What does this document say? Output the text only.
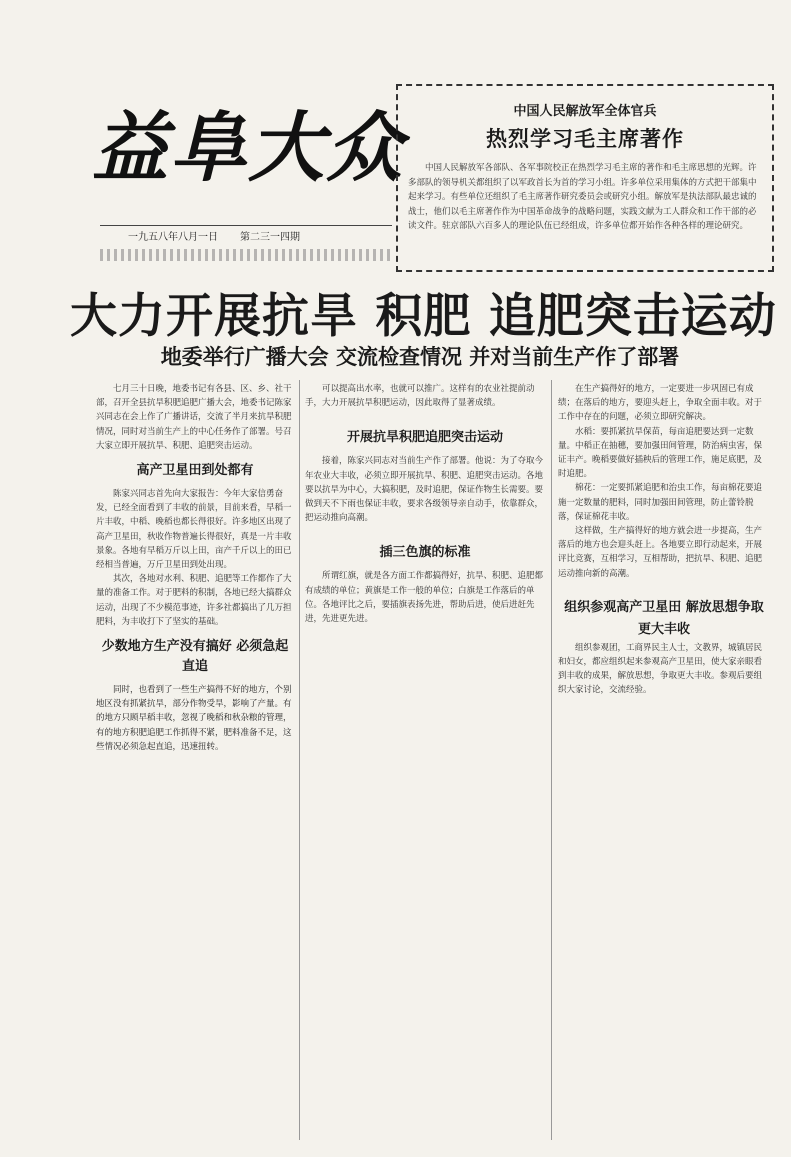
益阜大众
一九五八年八月一日 第二三一四期
中国人民解放军全体官兵
热烈学习毛主席著作
中国人民解放军各部队、各军事院校正在热烈学习毛主席的著作和毛主席思想的光辉。许多部队的领导机关都组织了以军政首长为首的学习小组。许多单位采用集体的方式把干部集中起来学习。有些单位还组织了毛主席著作研究委员会或研究小组。解放军是执法部队最忠诚的战士，他们以毛主席著作作为中国革命战争的战略问题，实践文献为工人群众和工作干部的必读文件。驻京部队六百多人的理论队伍已经组成，许多单位都开始作各种各样的理论研究。
大力开展抗旱 积肥 追肥突击运动
地委举行广播大会 交流检查情况 并对当前生产作了部署

七月三十日晚，地委书记有各县、区、乡、社干部，召开全县抗旱积肥追肥广播大会，地委书记陈家兴同志在会上作了广播讲话，交流了半月来抗旱积肥情况，同时对当前生产上的中心任务作了部署。号召大家立即开展抗旱、积肥、追肥突击运动。

高产卫星田到处都有

陈家兴同志首先向大家报告：今年大家信勇奋发，已经全面看到了丰收的前景，目前来看，早稻一片丰收，中稻、晚稻也都长得很好。许多地区出现了高产卫星田，秋收作物普遍长得很好，真是一片丰收景象。各地有早稻万斤以上田，亩产千斤以上的田已经相当普遍，万斤卫星田到处出现。

其次，各地对水利、积肥、追肥等工作都作了大量的准备工作。对于肥料的积制，各地已经大搞群众运动，出现了不少模范事迹，许多社都搞出了几万担肥料，为丰收打下了坚实的基础。

少数地方生产没有搞好 必须急起直追

同时，也看到了一些生产搞得不好的地方，个别地区没有抓紧抗旱，部分作物受旱，影响了产量。有的地方只顾早稻丰收，忽视了晚稻和秋杂粮的管理，有的地方积肥追肥工作抓得不紧，肥料准备不足，这些情况必须急起直追，迅速扭转。

可以提高出水率，也就可以推广。这样有的农业社提前动手，大力开展抗旱积肥运动，因此取得了显著成绩。

开展抗旱积肥追肥突击运动

接着，陈家兴同志对当前生产作了部署。他说：为了夺取今年农业大丰收，必须立即开展抗旱、积肥、追肥突击运动。各地要以抗旱为中心，大搞积肥，及时追肥，保证作物生长需要。要做到天不下雨也保证丰收，要求各级领导亲自动手，依靠群众，把运动推向高潮。

插三色旗的标准

所谓红旗，就是各方面工作都搞得好，抗旱、积肥、追肥都有成绩的单位；黄旗是工作一般的单位；白旗是工作落后的单位。各地评比之后，要插旗表扬先进，帮助后进，使后进赶先进，先进更先进。

在生产搞得好的地方，一定要进一步巩固已有成绩；在落后的地方，要迎头赶上，争取全面丰收。对于工作中存在的问题，必须立即研究解决。

水稻：要抓紧抗旱保苗，每亩追肥要达到一定数量。中稻正在抽穗，要加强田间管理，防治病虫害，保证丰产。晚稻要做好插秧后的管理工作，施足底肥，及时追肥。

棉花：一定要抓紧追肥和治虫工作，每亩棉花要追施一定数量的肥料，同时加强田间管理，防止蕾铃脱落，保证棉花丰收。

这样做，生产搞得好的地方就会进一步提高，生产落后的地方也会迎头赶上。各地要立即行动起来，开展评比竞赛，互相学习，互相帮助，把抗旱、积肥、追肥运动推向新的高潮。

组织参观高产卫星田 解放思想争取更大丰收

组织参观团，工商界民主人士，文教界，城镇居民和妇女，都应组织起来参观高产卫星田，使大家亲眼看到丰收的成果，解放思想，争取更大丰收。参观后要组织大家讨论，交流经验。
